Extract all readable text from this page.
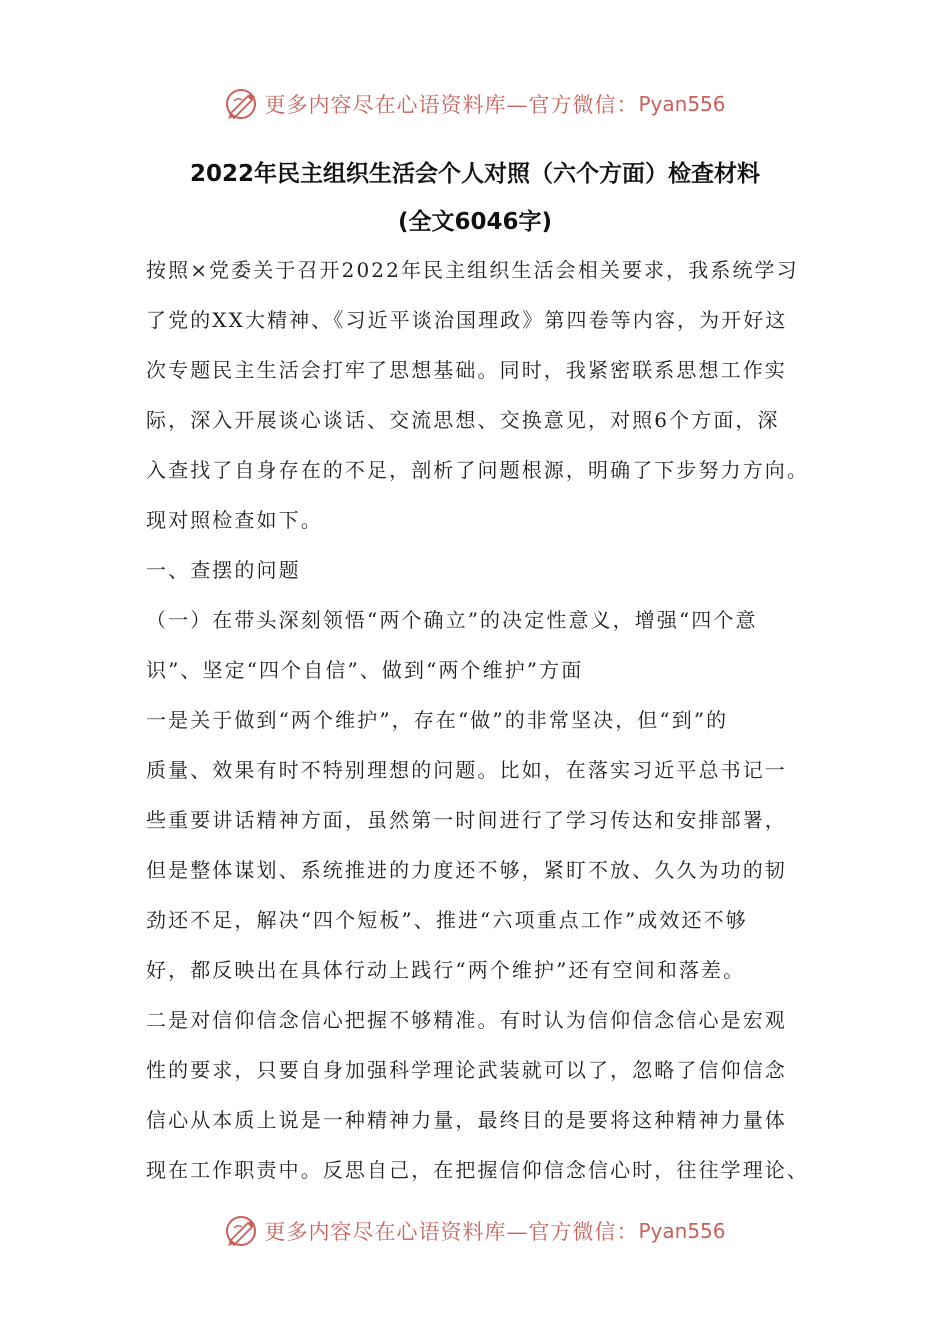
更多内容尽在心语资料库—官方微信： Pyan556
2022年民主组织生活会个人对照（六个方面）检查材料
(全文6046字)
按照×党委关于召开2022年民主组织生活会相关要求，我系统学习
了党的XX大精神、《习近平谈治国理政》第四卷等内容，为开好这
次专题民主生活会打牢了思想基础。同时，我紧密联系思想工作实
际，深入开展谈心谈话、交流思想、交换意见，对照6个方面，深
入查找了自身存在的不足，剖析了问题根源，明确了下步努力方向。
现对照检查如下。
一、查摆的问题
（一）在带头深刻领悟“两个确立”的决定性意义，增强“四个意
识”、坚定“四个自信”、做到“两个维护”方面
一是关于做到“两个维护”，存在“做”的非常坚决，但“到”的
质量、效果有时不特别理想的问题。比如，在落实习近平总书记一
些重要讲话精神方面，虽然第一时间进行了学习传达和安排部署，
但是整体谋划、系统推进的力度还不够，紧盯不放、久久为功的韧
劲还不足，解决“四个短板”、推进“六项重点工作”成效还不够
好，都反映出在具体行动上践行“两个维护”还有空间和落差。
二是对信仰信念信心把握不够精准。有时认为信仰信念信心是宏观
性的要求，只要自身加强科学理论武装就可以了，忽略了信仰信念
信心从本质上说是一种精神力量，最终目的是要将这种精神力量体
现在工作职责中。反思自己，在把握信仰信念信心时，往往学理论、
更多内容尽在心语资料库—官方微信： Pyan556
